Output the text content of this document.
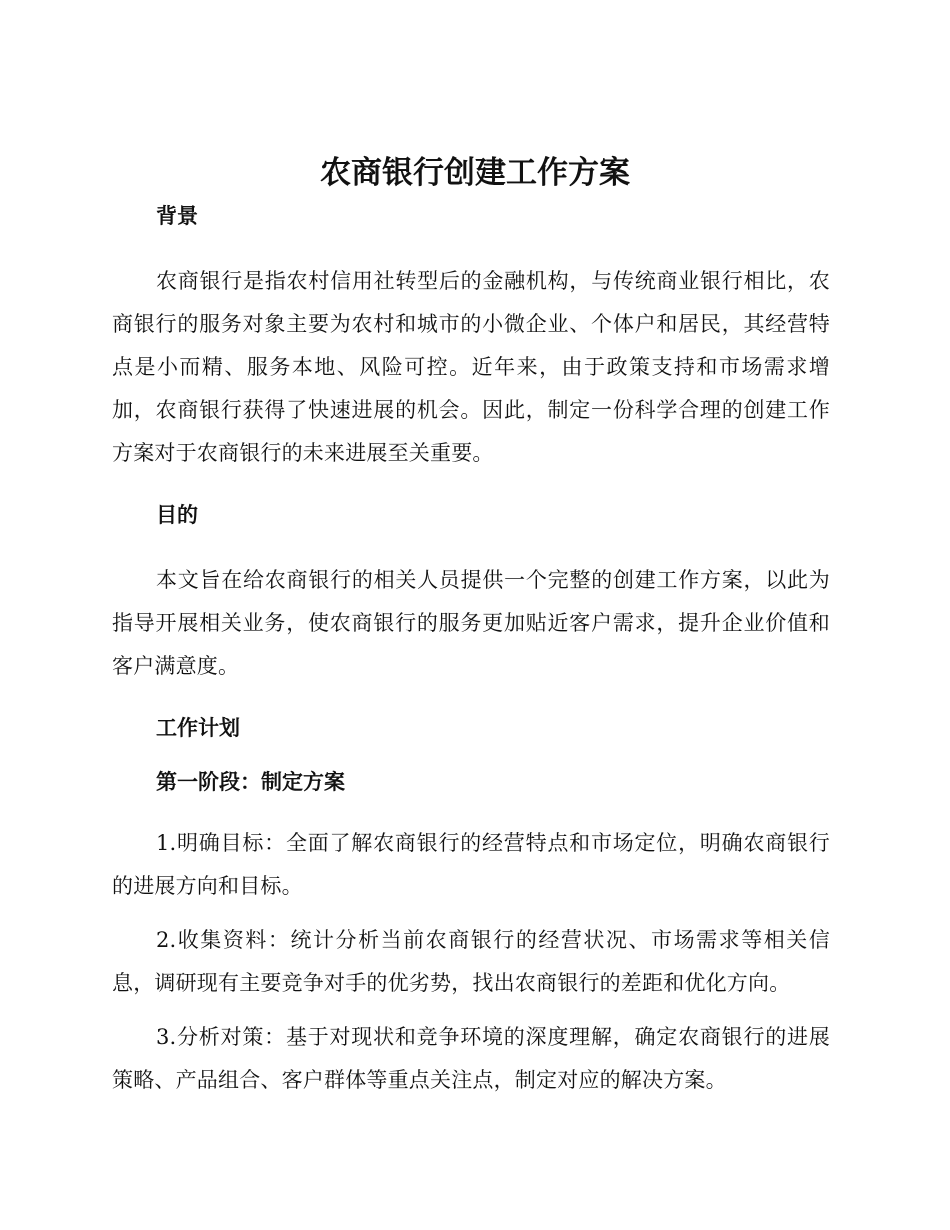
农商银行创建工作方案
背景

农商银行是指农村信用社转型后的金融机构，与传统商业银行相比，农商银行的服务对象主要为农村和城市的小微企业、个体户和居民，其经营特点是小而精、服务本地、风险可控。近年来，由于政策支持和市场需求增加，农商银行获得了快速进展的机会。因此，制定一份科学合理的创建工作方案对于农商银行的未来进展至关重要。

目的

本文旨在给农商银行的相关人员提供一个完整的创建工作方案，以此为指导开展相关业务，使农商银行的服务更加贴近客户需求，提升企业价值和客户满意度。

工作计划
第一阶段：制定方案

1.明确目标：全面了解农商银行的经营特点和市场定位，明确农商银行的进展方向和目标。

2.收集资料：统计分析当前农商银行的经营状况、市场需求等相关信息，调研现有主要竞争对手的优劣势，找出农商银行的差距和优化方向。

3.分析对策：基于对现状和竞争环境的深度理解，确定农商银行的进展策略、产品组合、客户群体等重点关注点，制定对应的解决方案。
